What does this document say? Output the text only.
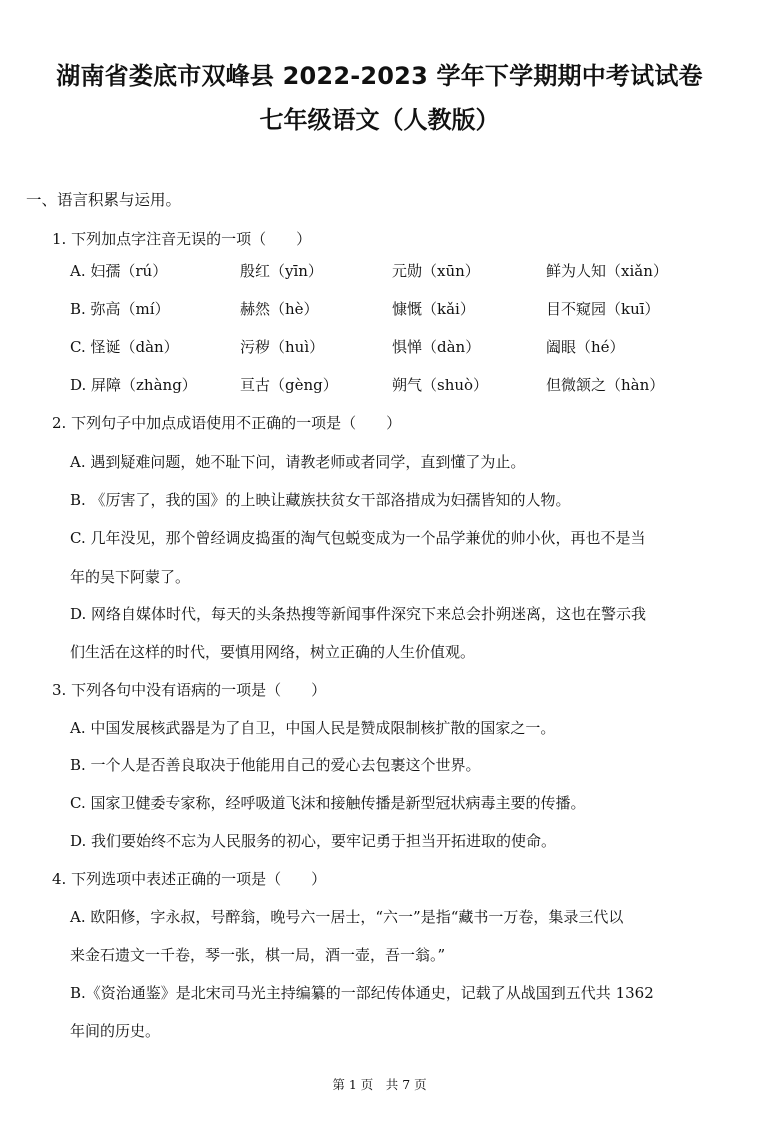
湖南省娄底市双峰县 2022-2023 学年下学期期中考试试卷
七年级语文（人教版）
一、语言积累与运用。
1. 下列加点字注音无误的一项（　　）
A. 妇孺（rú）	殷红（yīn）	元勋（xūn）	鲜为人知（xiǎn）
B. 弥高（mí）	赫然（hè）	慷慨（kǎi）	目不窥园（kuī）
C. 怪诞（dàn）	污秽（huì）	惧惮（dàn）	阖眼（hé）
D. 屏障（zhàng）	亘古（gèng）	朔气（shuò）	但微颔之（hàn）
2. 下列句子中加点成语使用不正确的一项是（　　）
A. 遇到疑难问题，她不耻下问，请教老师或者同学，直到懂了为止。
B. 《厉害了，我的国》的上映让藏族扶贫女干部洛措成为妇孺皆知的人物。
C. 几年没见，那个曾经调皮捣蛋的淘气包蜕变成为一个品学兼优的帅小伙，再也不是当
年的吴下阿蒙了。
D. 网络自媒体时代，每天的头条热搜等新闻事件深究下来总会扑朔迷离，这也在警示我
们生活在这样的时代，要慎用网络，树立正确的人生价值观。
3. 下列各句中没有语病的一项是（　　）
A. 中国发展核武器是为了自卫，中国人民是赞成限制核扩散的国家之一。
B. 一个人是否善良取决于他能用自己的爱心去包裹这个世界。
C. 国家卫健委专家称，经呼吸道飞沫和接触传播是新型冠状病毒主要的传播。
D. 我们要始终不忘为人民服务的初心，要牢记勇于担当开拓进取的使命。
4. 下列选项中表述正确的一项是（　　）
A. 欧阳修，字永叔，号醉翁，晚号六一居士，“六一”是指“藏书一万卷，集录三代以
来金石遗文一千卷，琴一张，棋一局，酒一壶，吾一翁。”
B.《资治通鉴》是北宋司马光主持编纂的一部纪传体通史，记载了从战国到五代共 1362
年间的历史。
第 1 页　共 7 页
